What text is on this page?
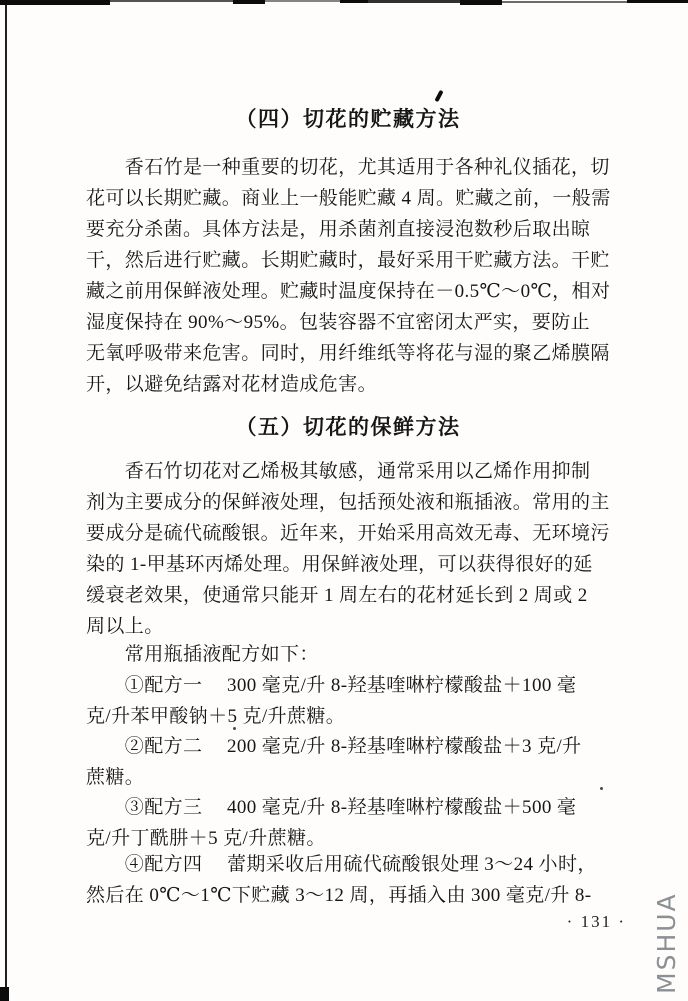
（四）切花的贮藏方法
　　香石竹是一种重要的切花，尤其适用于各种礼仪插花，切
花可以长期贮藏。商业上一般能贮藏 4 周。贮藏之前，一般需
要充分杀菌。具体方法是，用杀菌剂直接浸泡数秒后取出晾
干，然后进行贮藏。长期贮藏时，最好采用干贮藏方法。干贮
藏之前用保鲜液处理。贮藏时温度保持在－0.5℃～0℃，相对
湿度保持在 90%～95%。包装容器不宜密闭太严实，要防止
无氧呼吸带来危害。同时，用纤维纸等将花与湿的聚乙烯膜隔
开，以避免结露对花材造成危害。
（五）切花的保鲜方法
　　香石竹切花对乙烯极其敏感，通常采用以乙烯作用抑制
剂为主要成分的保鲜液处理，包括预处液和瓶插液。常用的主
要成分是硫代硫酸银。近年来，开始采用高效无毒、无环境污
染的 1-甲基环丙烯处理。用保鲜液处理，可以获得很好的延
缓衰老效果，使通常只能开 1 周左右的花材延长到 2 周或 2
周以上。
　　常用瓶插液配方如下：
　　①配方一　 300 毫克/升 8-羟基喹啉柠檬酸盐＋100 毫
克/升苯甲酸钠＋5 克/升蔗糖。
　　②配方二　 200 毫克/升 8-羟基喹啉柠檬酸盐＋3 克/升
蔗糖。
　　③配方三　 400 毫克/升 8-羟基喹啉柠檬酸盐＋500 毫
克/升丁酰肼＋5 克/升蔗糖。
　　④配方四　 蕾期采收后用硫代硫酸银处理 3～24 小时，
然后在 0℃～1℃下贮藏 3～12 周，再插入由 300 毫克/升 8-
· 131 · MSHUA
